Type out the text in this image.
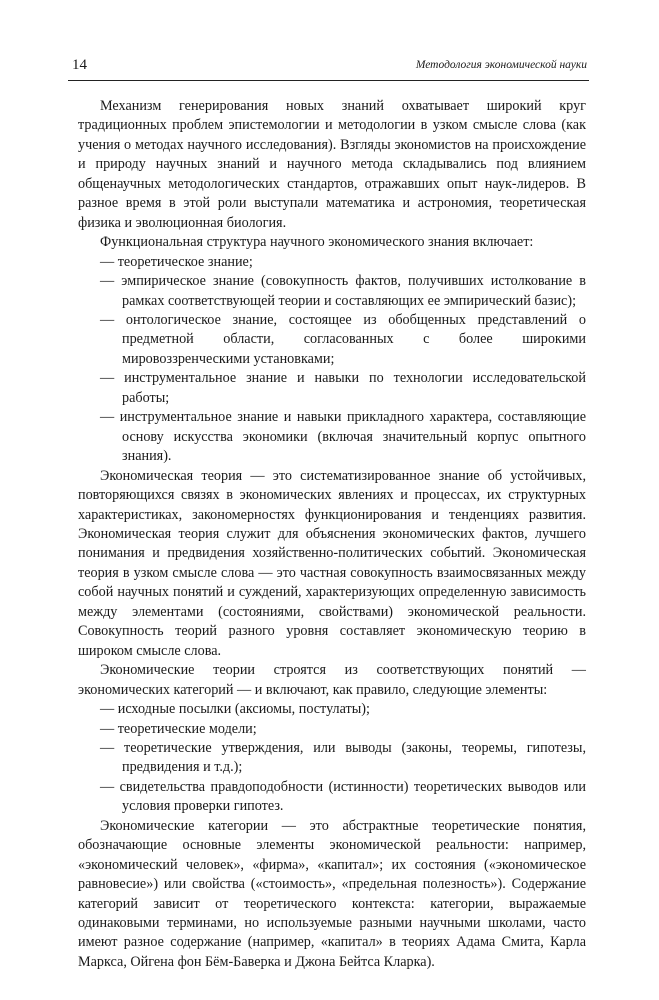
14	Методология экономической науки

Механизм генерирования новых знаний охватывает широкий круг традиционных проблем эпистемологии и методологии в узком смысле слова (как учения о методах научного исследования). Взгляды экономистов на происхождение и природу научных знаний и научного метода складывались под влиянием общенаучных методологических стандартов, отражавших опыт наук-лидеров. В разное время в этой роли выступали математика и астрономия, теоретическая физика и эволюционная биология.

Функциональная структура научного экономического знания включает:

— теоретическое знание;

— эмпирическое знание (совокупность фактов, получивших истолкование в рамках соответствующей теории и составляющих ее эмпирический базис);

— онтологическое знание, состоящее из обобщенных представлений о предметной области, согласованных с более широкими мировоззренческими установками;

— инструментальное знание и навыки по технологии исследовательской работы;

— инструментальное знание и навыки прикладного характера, составляющие основу искусства экономики (включая значительный корпус опытного знания).

Экономическая теория — это систематизированное знание об устойчивых, повторяющихся связях в экономических явлениях и процессах, их структурных характеристиках, закономерностях функционирования и тенденциях развития. Экономическая теория служит для объяснения экономических фактов, лучшего понимания и предвидения хозяйственно-политических событий. Экономическая теория в узком смысле слова — это частная совокупность взаимосвязанных между собой научных понятий и суждений, характеризующих определенную зависимость между элементами (состояниями, свойствами) экономической реальности. Совокупность теорий разного уровня составляет экономическую теорию в широком смысле слова.

Экономические теории строятся из соответствующих понятий — экономических категорий — и включают, как правило, следующие элементы:

— исходные посылки (аксиомы, постулаты);

— теоретические модели;

— теоретические утверждения, или выводы (законы, теоремы, гипотезы, предвидения и т.д.);

— свидетельства правдоподобности (истинности) теоретических выводов или условия проверки гипотез.

Экономические категории — это абстрактные теоретические понятия, обозначающие основные элементы экономической реальности: например, «экономический человек», «фирма», «капитал»; их состояния («экономическое равновесие») или свойства («стоимость», «предельная полезность»). Содержание категорий зависит от теоретического контекста: категории, выражаемые одинаковыми терминами, но используемые разными научными школами, часто имеют разное содержание (например, «капитал» в теориях Адама Смита, Карла Маркса, Ойгена фон Бём-Баверка и Джона Бейтса Кларка).
